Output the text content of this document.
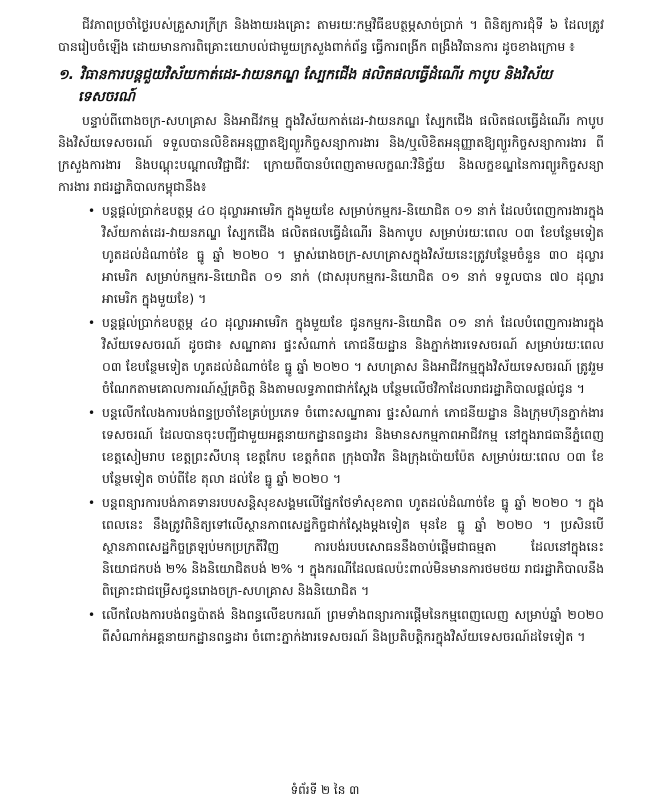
ជីវភាពប្រចាំថ្ងៃរបស់គ្រួសារក្រីក្រ និងងាយរងគ្រោះ តាមរយៈកម្មវិធីឧបត្ថម្ភសាច់ប្រាក់ ។ ពិនិត្យការជុំទី ៦ ដែលត្រូវបានរៀបចំឡើង ដោយមានការពិគ្រោះយោបល់ជាមួយក្រសួងពាក់ព័ន្ធ ធ្វើការពង្រីក ពង្រឹងវិធានការ ដូចខាងក្រោម ៖

១. វិធានការបន្តជួយវិស័យកាត់ដេរ-វាយនភណ្ឌ ស្បែកជើង ផលិតផលធ្វើដំណើរ កាបូប និងវិស័យទេសចរណ៍

បន្ទាប់ពីពោងចក្រ-សហគ្រាស និងអាជីវកម្ម ក្នុងវិស័យកាត់ដេរ-វាយនភណ្ឌ ស្បែកជើង ផលិតផលធ្វើដំណើរ កាបូប និងវិស័យទេសចរណ៍ ទទួលបានលិខិតអនុញ្ញាតឱ្យព្យួរកិច្ចសន្យាការងារ និង/ឬលិខិតអនុញ្ញាតឱ្យព្យួរកិច្ចសន្យាការងារ ពីក្រសួងការងារ និងបណ្តុះបណ្តាលវិជ្ជាជីវៈ ក្រោយពីបានបំពេញតាមលក្ខណៈវិនិច្ឆ័យ និងលក្ខខណ្ឌនៃការព្យួរកិច្ចសន្យាការងារ រាជរដ្ឋាភិបាលកម្ពុជានឹង៖

• បន្តផ្តល់ប្រាក់ឧបត្ថម្ភ ៤០ ដុល្លារអាមេរិក ក្នុងមួយខែ សម្រាប់កម្មករ-និយោជិត ០១ នាក់ ដែលបំពេញការងារក្នុងវិស័យកាត់ដេរ-វាយនភណ្ឌ ស្បែកជើង ផលិតផលធ្វើដំណើរ និងកាបូប សម្រាប់រយៈពេល ០៣ ខែបន្ថែមទៀត ហូតដល់ដំណាច់ខែ ធ្នូ ឆ្នាំ ២០២០ ។ ម្ចាស់រោងចក្រ-សហគ្រាសក្នុងវិស័យនេះត្រូវបន្ថែមចំនួន ៣០ ដុល្លារអាមេរិក សម្រាប់កម្មករ-និយោជិត ០១ នាក់ (ជាសរុបកម្មករ-និយោជិត ០១ នាក់ ទទួលបាន ៧០ ដុល្លារអាមេរិក ក្នុងមួយខែ) ។
• បន្តផ្តល់ប្រាក់ឧបត្ថម្ភ ៤០ ដុល្លារអាមេរិក ក្នុងមួយខែ ជូនកម្មករ-និយោជិត ០១ នាក់ ដែលបំពេញការងារក្នុងវិស័យទេសចរណ៍ ដូចជា៖ សណ្ឋាគារ ផ្ទះសំណាក់ ភោជនីយដ្ឋាន និងភ្នាក់ងារទេសចរណ៍ សម្រាប់រយៈពេល ០៣ ខែបន្ថែមទៀត ហូតដល់ដំណាច់ខែ ធ្នូ ឆ្នាំ ២០២០ ។ សហគ្រាស និងអាជីវកម្មក្នុងវិស័យទេសចរណ៍ ត្រូវរួមចំណែកតាមគោលការណ៍ស្ម័គ្រចិត្ត និងតាមលទ្ធភាពជាក់ស្តែង បន្ថែមលើថវិកាដែលរាជរដ្ឋាភិបាលផ្តល់ជូន ។
• បន្តលើកលែងការបង់ពន្ធប្រចាំខែគ្រប់ប្រភេទ ចំពោះសណ្ឋាគារ ផ្ទះសំណាក់ ភោជនីយដ្ឋាន និងក្រុមហ៊ុនភ្នាក់ងារទេសចរណ៍ ដែលបានចុះបញ្ជីជាមួយអគ្គនាយកដ្ឋានពន្ធដារ និងមានសកម្មភាពអាជីវកម្ម នៅក្នុងរាជធានីភ្នំពេញ ខេត្តសៀមរាប ខេត្តព្រះសីហនុ ខេត្តកែប ខេត្តកំពត ក្រុងបាវិត និងក្រុងប៉ោយប៉ែត សម្រាប់រយៈពេល ០៣ ខែបន្ថែមទៀត ចាប់ពីខែ តុលា ដល់ខែ ធ្នូ ឆ្នាំ ២០២០ ។
• បន្តពន្យារការបង់ភាគទានរបបសន្តិសុខសង្គមលើផ្នែកថែទាំសុខភាព ហូតដល់ដំណាច់ខែ ធ្នូ ឆ្នាំ ២០២០ ។ ក្នុងពេលនេះ នឹងត្រូវពិនិត្យទៅលើស្ថានភាពសេដ្ឋកិច្ចជាក់ស្តែងម្តងទៀត មុនខែ ធ្នូ ឆ្នាំ ២០២០ ។ ប្រសិនបើស្ថានភាពសេដ្ឋកិច្ចត្រឡប់មកប្រក្រតីវិញ ការបង់របបសោធននឹងចាប់ផ្តើមជាធម្មតា ដែលនៅក្នុងនេះ និយោជកបង់ ២% និងនិយោជិតបង់ ២% ។ ក្នុងករណីដែលផលប៉ះពាល់មិនមានការថមថយ រាជរដ្ឋាភិបាលនឹងពិគ្រោះជាជម្រើសជូនរោងចក្រ-សហគ្រាស និងនិយោជិត ។
• លើកលែងការបង់ពន្ធប៉ាតង់ និងពន្ធលើឧបករណ៍ ព្រមទាំងពន្យារការផ្តើមនៃកម្មពេញលេញ សម្រាប់ឆ្នាំ ២០២០ ពីសំណាក់អគ្គនាយកដ្ឋានពន្ធដារ ចំពោះភ្នាក់ងារទេសចរណ៍ និងប្រតិបត្តិករក្នុងវិស័យទេសចរណ៍ដទៃទៀត ។
ទំព័រទី ២ នៃ ៣
